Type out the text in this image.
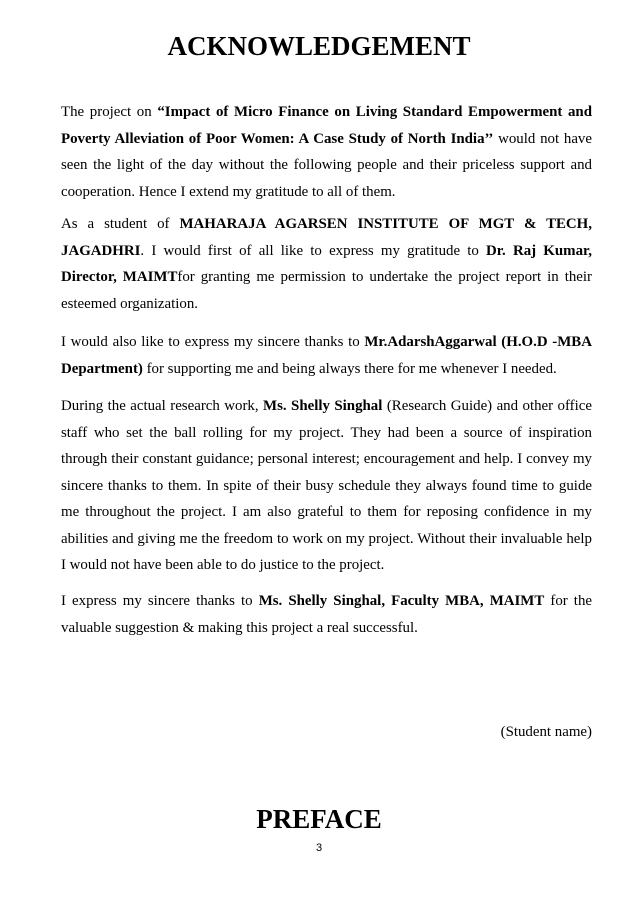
ACKNOWLEDGEMENT

The project on “Impact of Micro Finance on Living Standard Empowerment and Poverty Alleviation of Poor Women: A Case Study of North India’’ would not have seen the light of the day without the following people and their priceless support and cooperation. Hence I extend my gratitude to all of them.

As a student of MAHARAJA AGARSEN INSTITUTE OF MGT & TECH, JAGADHRI. I would first of all like to express my gratitude to Dr. Raj Kumar, Director, MAIMTfor granting me permission to undertake the project report in their esteemed organization.

I would also like to express my sincere thanks to Mr.AdarshAggarwal (H.O.D -MBA Department) for supporting me and being always there for me whenever I needed.

During the actual research work, Ms. Shelly Singhal (Research Guide) and other office staff who set the ball rolling for my project. They had been a source of inspiration through their constant guidance; personal interest; encouragement and help. I convey my sincere thanks to them. In spite of their busy schedule they always found time to guide me throughout the project. I am also grateful to them for reposing confidence in my abilities and giving me the freedom to work on my project. Without their invaluable help I would not have been able to do justice to the project.

I express my sincere thanks to Ms. Shelly Singhal, Faculty MBA, MAIMT for the valuable suggestion & making this project a real successful.

(Student name)

PREFACE

3
